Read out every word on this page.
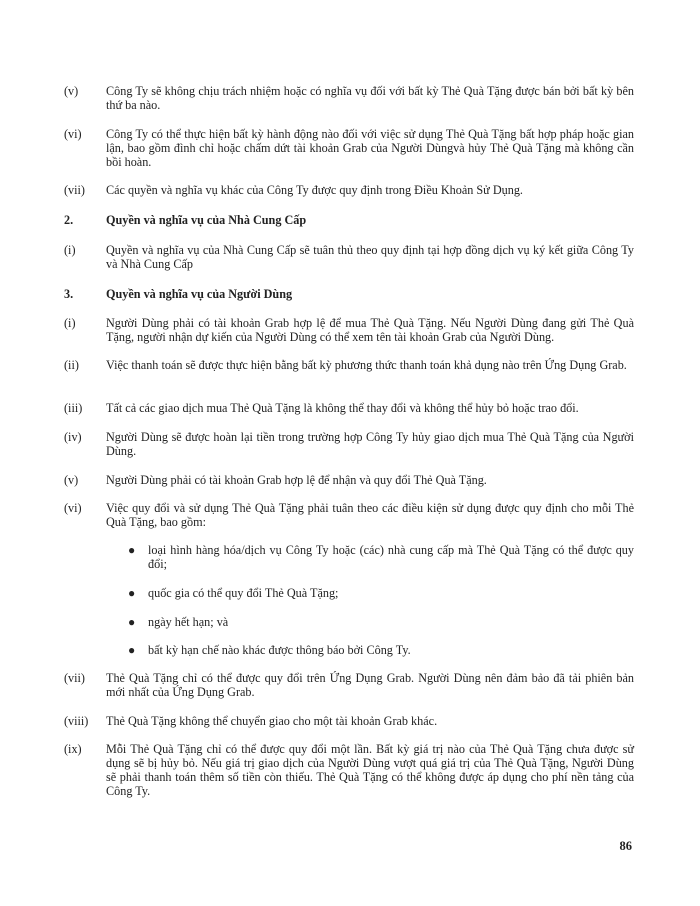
(v)	Công Ty sẽ không chịu trách nhiệm hoặc có nghĩa vụ đối với bất kỳ Thẻ Quà Tặng được bán bởi bất kỳ bên thứ ba nào.
(vi)	Công Ty có thể thực hiện bất kỳ hành động nào đối với việc sử dụng Thẻ Quà Tặng bất hợp pháp hoặc gian lận, bao gồm đình chỉ hoặc chấm dứt tài khoản Grab của Người Dùngvà hủy Thẻ Quà Tặng mà không cần bồi hoàn.
(vii)	Các quyền và nghĩa vụ khác của Công Ty được quy định trong Điều Khoản Sử Dụng.
2.	Quyền và nghĩa vụ của Nhà Cung Cấp
(i)	Quyền và nghĩa vụ của Nhà Cung Cấp sẽ tuân thủ theo quy định tại hợp đồng dịch vụ ký kết giữa Công Ty và Nhà Cung Cấp
3.	Quyền và nghĩa vụ của Người Dùng
(i)	Người Dùng phải có tài khoản Grab hợp lệ để mua Thẻ Quà Tặng. Nếu Người Dùng đang gửi Thẻ Quà Tặng, người nhận dự kiến của Người Dùng có thể xem tên tài khoản Grab của Người Dùng.
(ii)	Việc thanh toán sẽ được thực hiện bằng bất kỳ phương thức thanh toán khả dụng nào trên Ứng Dụng Grab.
(iii)	Tất cả các giao dịch mua Thẻ Quà Tặng là không thể thay đổi và không thể hủy bỏ hoặc trao đổi.
(iv)	Người Dùng sẽ được hoàn lại tiền trong trường hợp Công Ty hủy giao dịch mua Thẻ Quà Tặng của Người Dùng.
(v)	Người Dùng phải có tài khoản Grab hợp lệ để nhận và quy đổi Thẻ Quà Tặng.
(vi)	Việc quy đổi và sử dụng Thẻ Quà Tặng phải tuân theo các điều kiện sử dụng được quy định cho mỗi Thẻ Quà Tặng, bao gồm:
●	loại hình hàng hóa/dịch vụ Công Ty hoặc (các) nhà cung cấp mà Thẻ Quà Tặng có thể được quy đổi;
●	quốc gia có thể quy đổi Thẻ Quà Tặng;
●	ngày hết hạn; và
●	bất kỳ hạn chế nào khác được thông báo bởi Công Ty.
(vii)	Thẻ Quà Tặng chỉ có thể được quy đổi trên Ứng Dụng Grab. Người Dùng nên đảm bảo đã tải phiên bản mới nhất của Ứng Dụng Grab.
(viii)	Thẻ Quà Tặng không thể chuyển giao cho một tài khoản Grab khác.
(ix)	Mỗi Thẻ Quà Tặng chỉ có thể được quy đổi một lần. Bất kỳ giá trị nào của Thẻ Quà Tặng chưa được sử dụng sẽ bị hủy bỏ. Nếu giá trị giao dịch của Người Dùng vượt quá giá trị của Thẻ Quà Tặng, Người Dùng sẽ phải thanh toán thêm số tiền còn thiếu. Thẻ Quà Tặng có thể không được áp dụng cho phí nền tảng của Công Ty.
86
